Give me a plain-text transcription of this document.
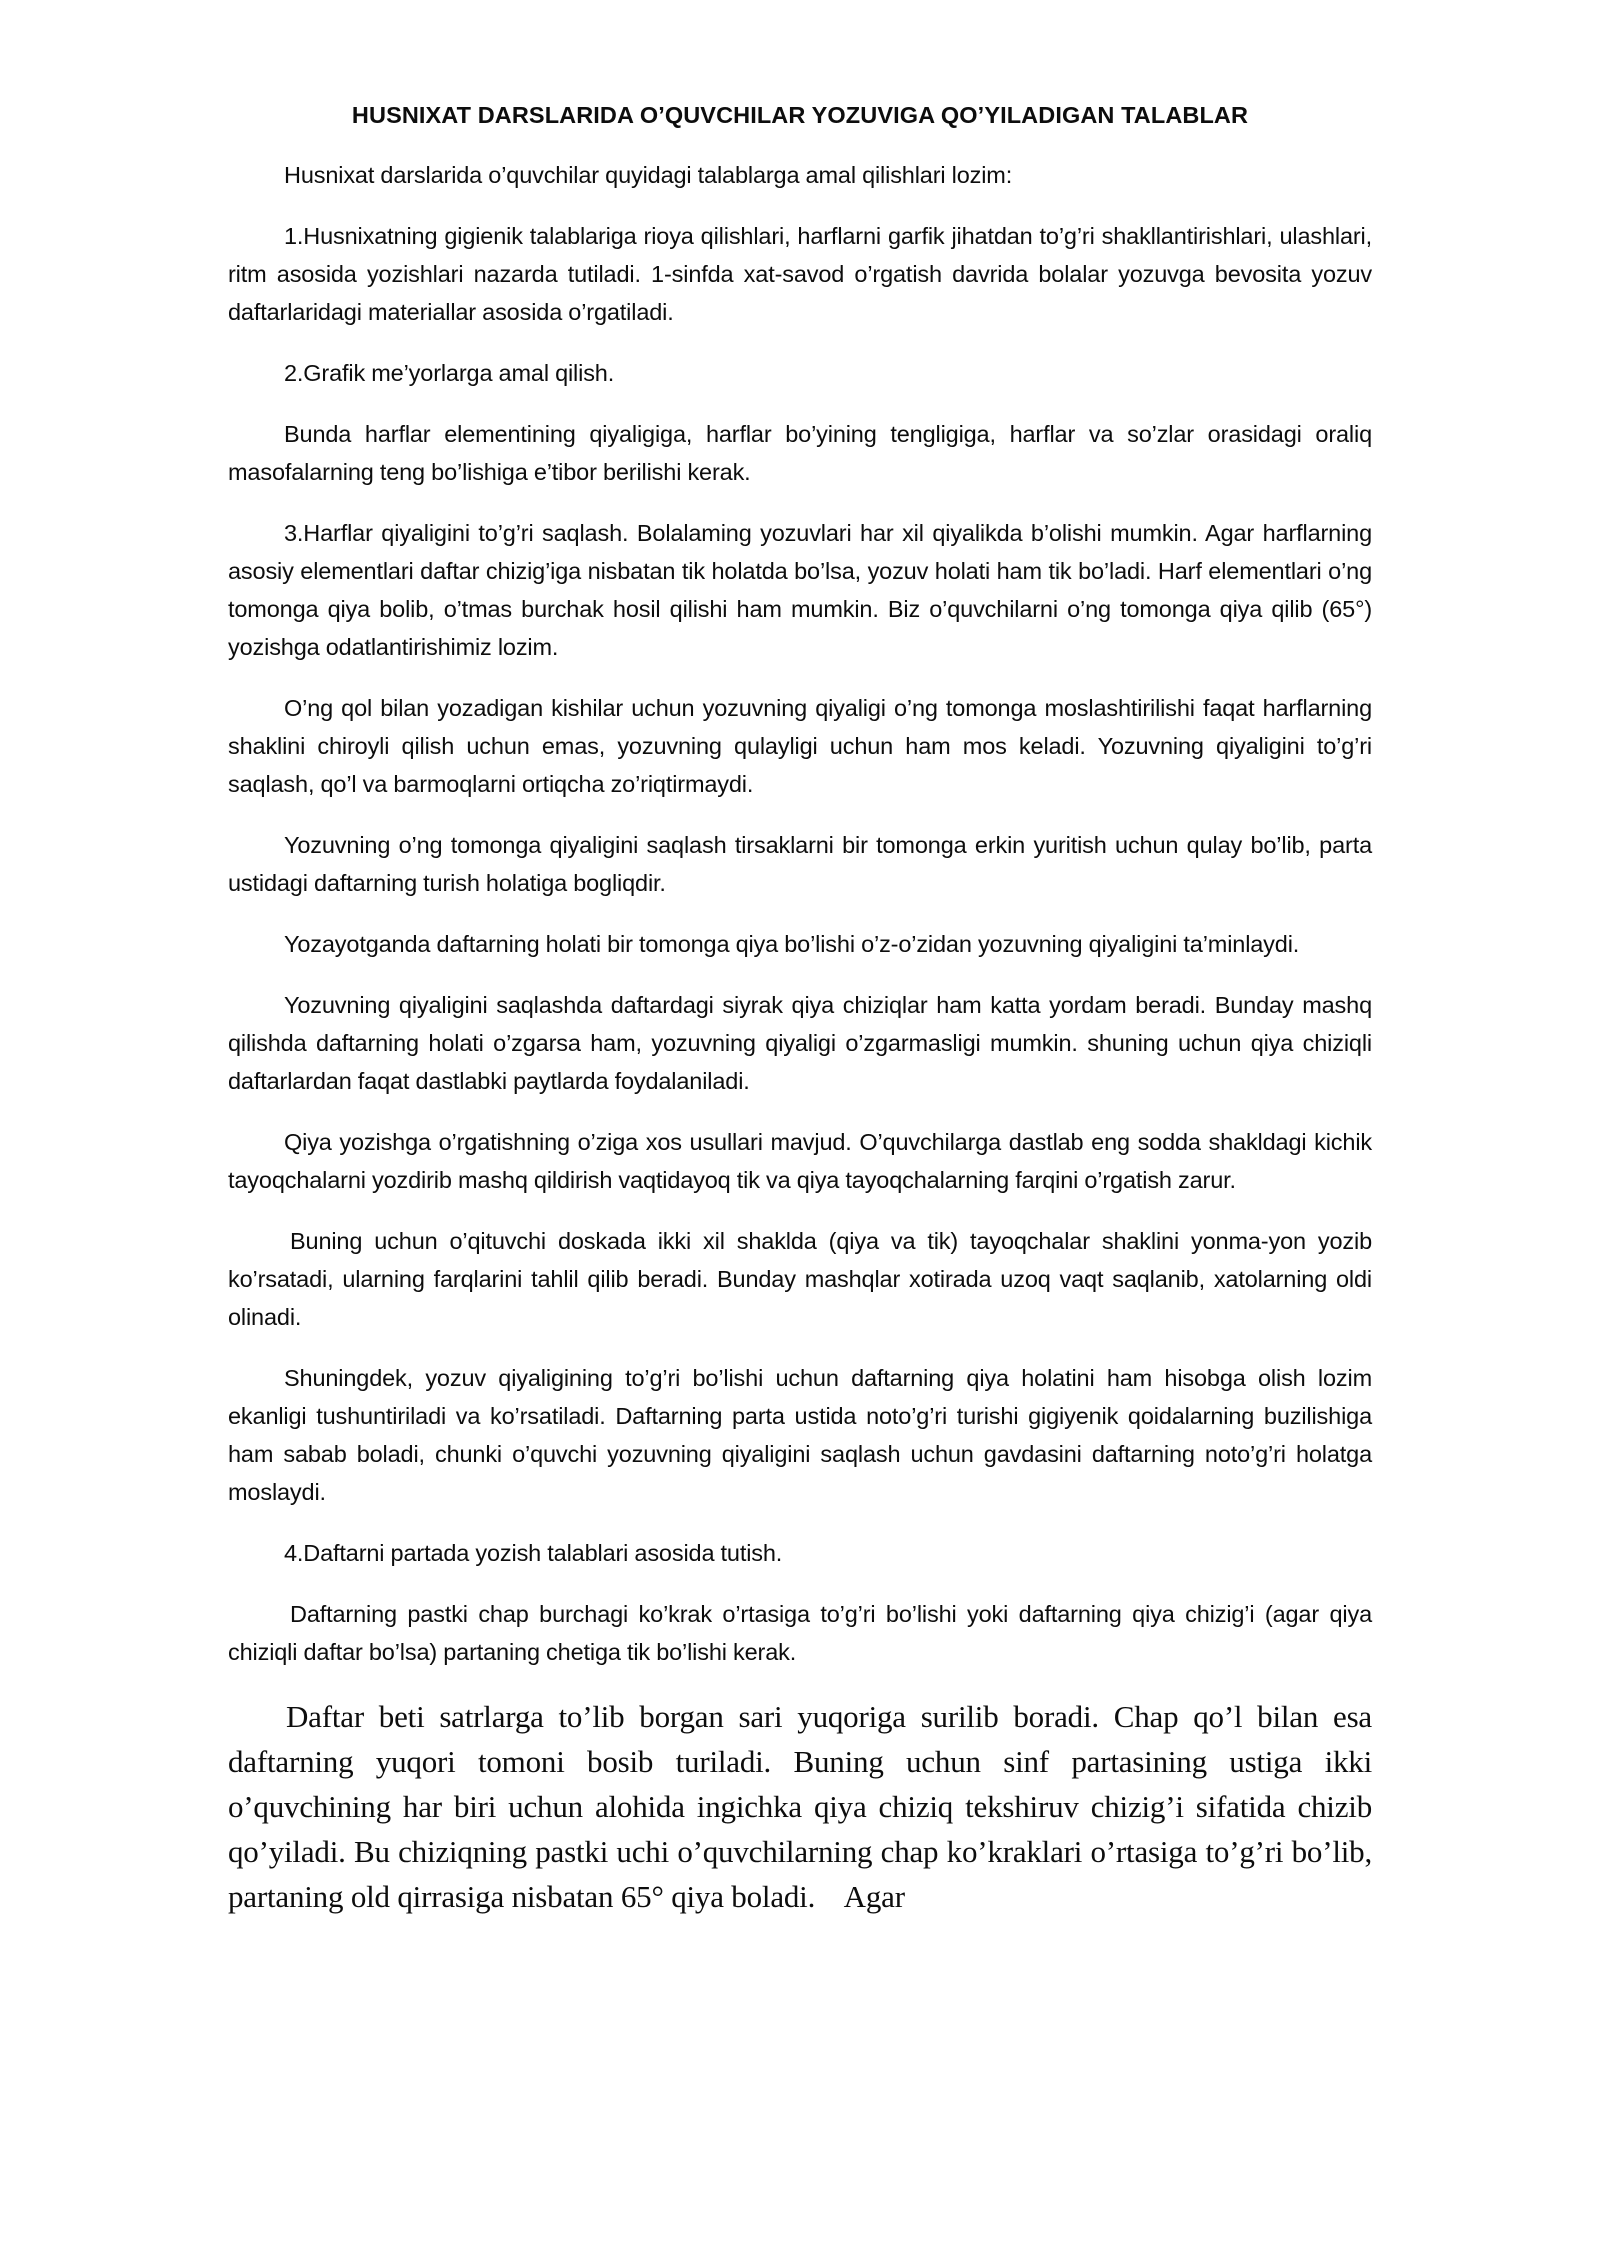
HUSNIXAT DARSLARIDA O’QUVCHILAR YOZUVIGA QO’YILADIGAN TALABLAR

Husnixat darslarida o’quvchilar quyidagi talablarga amal qilishlari lozim:

1.Husnixatning gigienik talablariga rioya qilishlari, harflarni garfik jihatdan to’g’ri shakllantirishlari, ulashlari, ritm asosida yozishlari nazarda tutiladi. 1-sinfda xat-savod o’rgatish davrida bolalar yozuvga bevosita yozuv daftarlaridagi materiallar asosida o’rgatiladi.

2.Grafik me’yorlarga amal qilish.

Bunda harflar elementining qiyaligiga, harflar bo’yining tengligiga, harflar va so’zlar orasidagi oraliq masofalarning teng bo’lishiga e’tibor berilishi kerak.

3.Harflar qiyaligini to’g’ri saqlash. Bolalaming yozuvlari har xil qiyalikda b’olishi mumkin. Agar harflarning asosiy elementlari daftar chizig’iga nisbatan tik holatda bo’lsa, yozuv holati ham tik bo’ladi. Harf elementlari o’ng tomonga qiya bolib, o’tmas burchak hosil qilishi ham mumkin. Biz o’quvchilarni o’ng tomonga qiya qilib (65°) yozishga odatlantirishimiz lozim.

O’ng qol bilan yozadigan kishilar uchun yozuvning qiyaligi o’ng tomonga moslashtirilishi faqat harflarning shaklini chiroyli qilish uchun emas, yozuvning qulayligi uchun ham mos keladi. Yozuvning qiyaligini to’g’ri saqlash, qo’l va barmoqlarni ortiqcha zo’riqtirmaydi.

Yozuvning o’ng tomonga qiyaligini saqlash tirsaklarni bir tomonga erkin yuritish uchun qulay bo’lib, parta ustidagi daftarning turish holatiga bogliqdir.

Yozayotganda daftarning holati bir tomonga qiya bo’lishi o’z-o’zidan yozuvning qiyaligini ta’minlaydi.

Yozuvning qiyaligini saqlashda daftardagi siyrak qiya chiziqlar ham katta yordam beradi. Bunday mashq qilishda daftarning holati o’zgarsa ham, yozuvning qiyaligi o’zgarmasligi mumkin. shuning uchun qiya chiziqli daftarlardan faqat dastlabki paytlarda foydalaniladi.

Qiya yozishga o’rgatishning o’ziga xos usullari mavjud. O’quvchilarga dastlab eng sodda shakldagi kichik tayoqchalarni yozdirib mashq qildirish vaqtidayoq tik va qiya tayoqchalarning farqini o’rgatish zarur.

Buning uchun o’qituvchi doskada ikki xil shaklda (qiya va tik) tayoqchalar shaklini yonma-yon yozib ko’rsatadi, ularning farqlarini tahlil qilib beradi. Bunday mashqlar xotirada uzoq vaqt saqlanib, xatolarning oldi olinadi.

Shuningdek, yozuv qiyaligining to’g’ri bo’lishi uchun daftarning qiya holatini ham hisobga olish lozim ekanligi tushuntiriladi va ko’rsatiladi. Daftarning parta ustida noto’g’ri turishi gigiyenik qoidalarning buzilishiga ham sabab boladi, chunki o’quvchi yozuvning qiyaligini saqlash uchun gavdasini daftarning noto’g’ri holatga moslaydi.

4.Daftarni partada yozish talablari asosida tutish.

Daftarning pastki chap burchagi ko’krak o’rtasiga to’g’ri bo’lishi yoki daftarning qiya chizig’i (agar qiya chiziqli daftar bo’lsa) partaning chetiga tik bo’lishi kerak.

Daftar beti satrlarga to’lib borgan sari yuqoriga surilib boradi. Chap qo’l bilan esa daftarning yuqori tomoni bosib turiladi. Buning uchun sinf partasining ustiga ikki o’quvchining har biri uchun alohida ingichka qiya chiziq tekshiruv chizig’i sifatida chizib qo’yiladi. Bu chiziqning pastki uchi o’quvchilarning chap ko’kraklari o’rtasiga to’g’ri bo’lib, partaning old qirrasiga nisbatan 65° qiya boladi.    Agar
